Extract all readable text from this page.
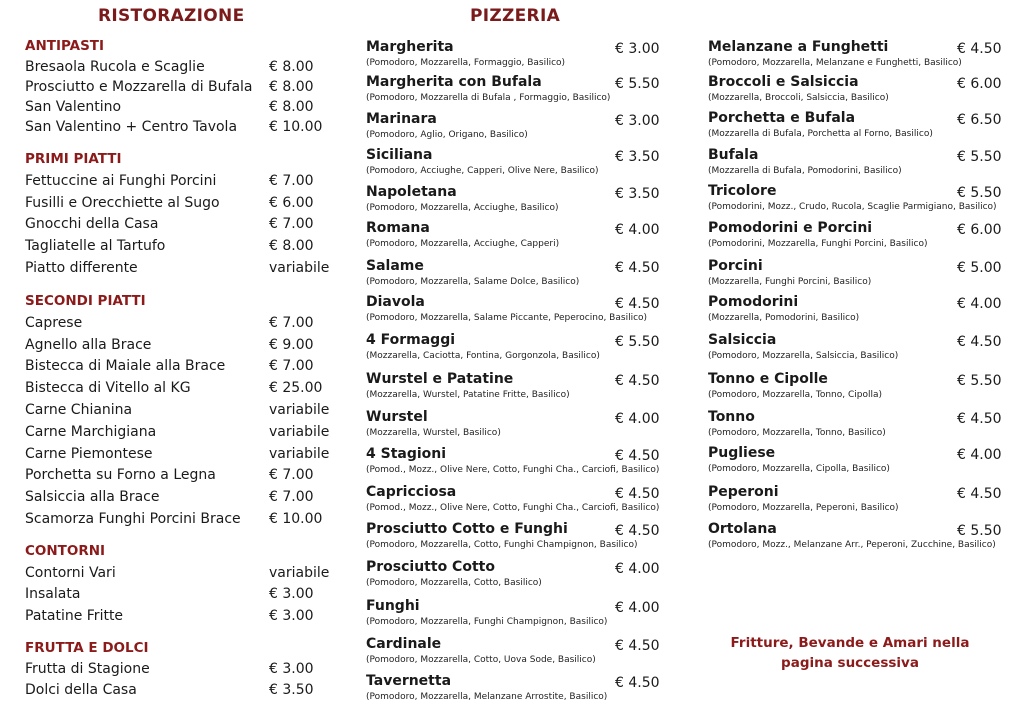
RISTORAZIONE	PIZZERIA
ANTIPASTI
Bresaola Rucola e Scaglie	€ 8.00
Prosciutto e Mozzarella di Bufala € 8.00
San Valentino	€ 8.00
San Valentino + Centro Tavola € 10.00
PRIMI PIATTI
Fettuccine ai Funghi Porcini	€ 7.00
Fusilli e Orecchiette al Sugo	€ 6.00
Gnocchi della Casa	€ 7.00
Tagliatelle al Tartufo	€ 8.00
Piatto differente	variabile
SECONDI PIATTI
Caprese	€ 7.00
Agnello alla Brace	€ 9.00
Bistecca di Maiale alla Brace	€ 7.00
Bistecca di Vitello al KG	€ 25.00
Carne Chianina	variabile
Carne Marchigiana	variabile
Carne Piemontese	variabile
Porchetta su Forno a Legna	€ 7.00
Salsiccia alla Brace	€ 7.00
Scamorza Funghi Porcini Brace € 10.00
CONTORNI
Contorni Vari	variabile
Insalata	€ 3.00
Patatine Fritte	€ 3.00
FRUTTA E DOLCI
Frutta di Stagione	€ 3.00
Dolci della Casa	€ 3.50
Margherita	€ 3.00
(Pomodoro, Mozzarella, Formaggio, Basilico)
Margherita con Bufala	€ 5.50
(Pomodoro, Mozzarella di Bufala , Formaggio, Basilico)
Marinara	€ 3.00
(Pomodoro, Aglio, Origano, Basilico)
Siciliana	€ 3.50
(Pomodoro, Acciughe, Capperi, Olive Nere, Basilico)
Napoletana	€ 3.50
(Pomodoro, Mozzarella, Acciughe, Basilico)
Romana	€ 4.00
(Pomodoro, Mozzarella, Acciughe, Capperi)
Salame	€ 4.50
(Pomodoro, Mozzarella, Salame Dolce, Basilico)
Diavola	€ 4.50
(Pomodoro, Mozzarella, Salame Piccante, Peperocino, Basilico)
4 Formaggi	€ 5.50
(Mozzarella, Caciotta, Fontina, Gorgonzola, Basilico)
Wurstel e Patatine	€ 4.50
(Mozzarella, Wurstel, Patatine Fritte, Basilico)
Wurstel	€ 4.00
(Mozzarella, Wurstel, Basilico)
4 Stagioni	€ 4.50
(Pomod., Mozz., Olive Nere, Cotto, Funghi Cha., Carciofi, Basilico)
Capricciosa	€ 4.50
(Pomod., Mozz., Olive Nere, Cotto, Funghi Cha., Carciofi, Basilico)
Prosciutto Cotto e Funghi	€ 4.50
(Pomodoro, Mozzarella, Cotto, Funghi Champignon, Basilico)
Prosciutto Cotto	€ 4.00
(Pomodoro, Mozzarella, Cotto, Basilico)
Funghi	€ 4.00
(Pomodoro, Mozzarella, Funghi Champignon, Basilico)
Cardinale	€ 4.50
(Pomodoro, Mozzarella, Cotto, Uova Sode, Basilico)
Tavernetta	€ 4.50
(Pomodoro, Mozzarella, Melanzane Arrostite, Basilico)
Melanzane a Funghetti	€ 4.50
(Pomodoro, Mozzarella, Melanzane e Funghetti, Basilico)
Broccoli e Salsiccia	€ 6.00
(Mozzarella, Broccoli, Salsiccia, Basilico)
Porchetta e Bufala	€ 6.50
(Mozzarella di Bufala, Porchetta al Forno, Basilico)
Bufala	€ 5.50
(Mozzarella di Bufala, Pomodorini, Basilico)
Tricolore	€ 5.50
(Pomodorini, Mozz., Crudo, Rucola, Scaglie Parmigiano, Basilico)
Pomodorini e Porcini	€ 6.00
(Pomodorini, Mozzarella, Funghi Porcini, Basilico)
Porcini	€ 5.00
(Mozzarella, Funghi Porcini, Basilico)
Pomodorini	€ 4.00
(Mozzarella, Pomodorini, Basilico)
Salsiccia	€ 4.50
(Pomodoro, Mozzarella, Salsiccia, Basilico)
Tonno e Cipolle	€ 5.50
(Pomodoro, Mozzarella, Tonno, Cipolla)
Tonno	€ 4.50
(Pomodoro, Mozzarella, Tonno, Basilico)
Pugliese	€ 4.00
(Pomodoro, Mozzarella, Cipolla, Basilico)
Peperoni	€ 4.50
(Pomodoro, Mozzarella, Peperoni, Basilico)
Ortolana	€ 5.50
(Pomodoro, Mozz., Melanzane Arr., Peperoni, Zucchine, Basilico)
Fritture, Bevande e Amari nella
pagina successiva
